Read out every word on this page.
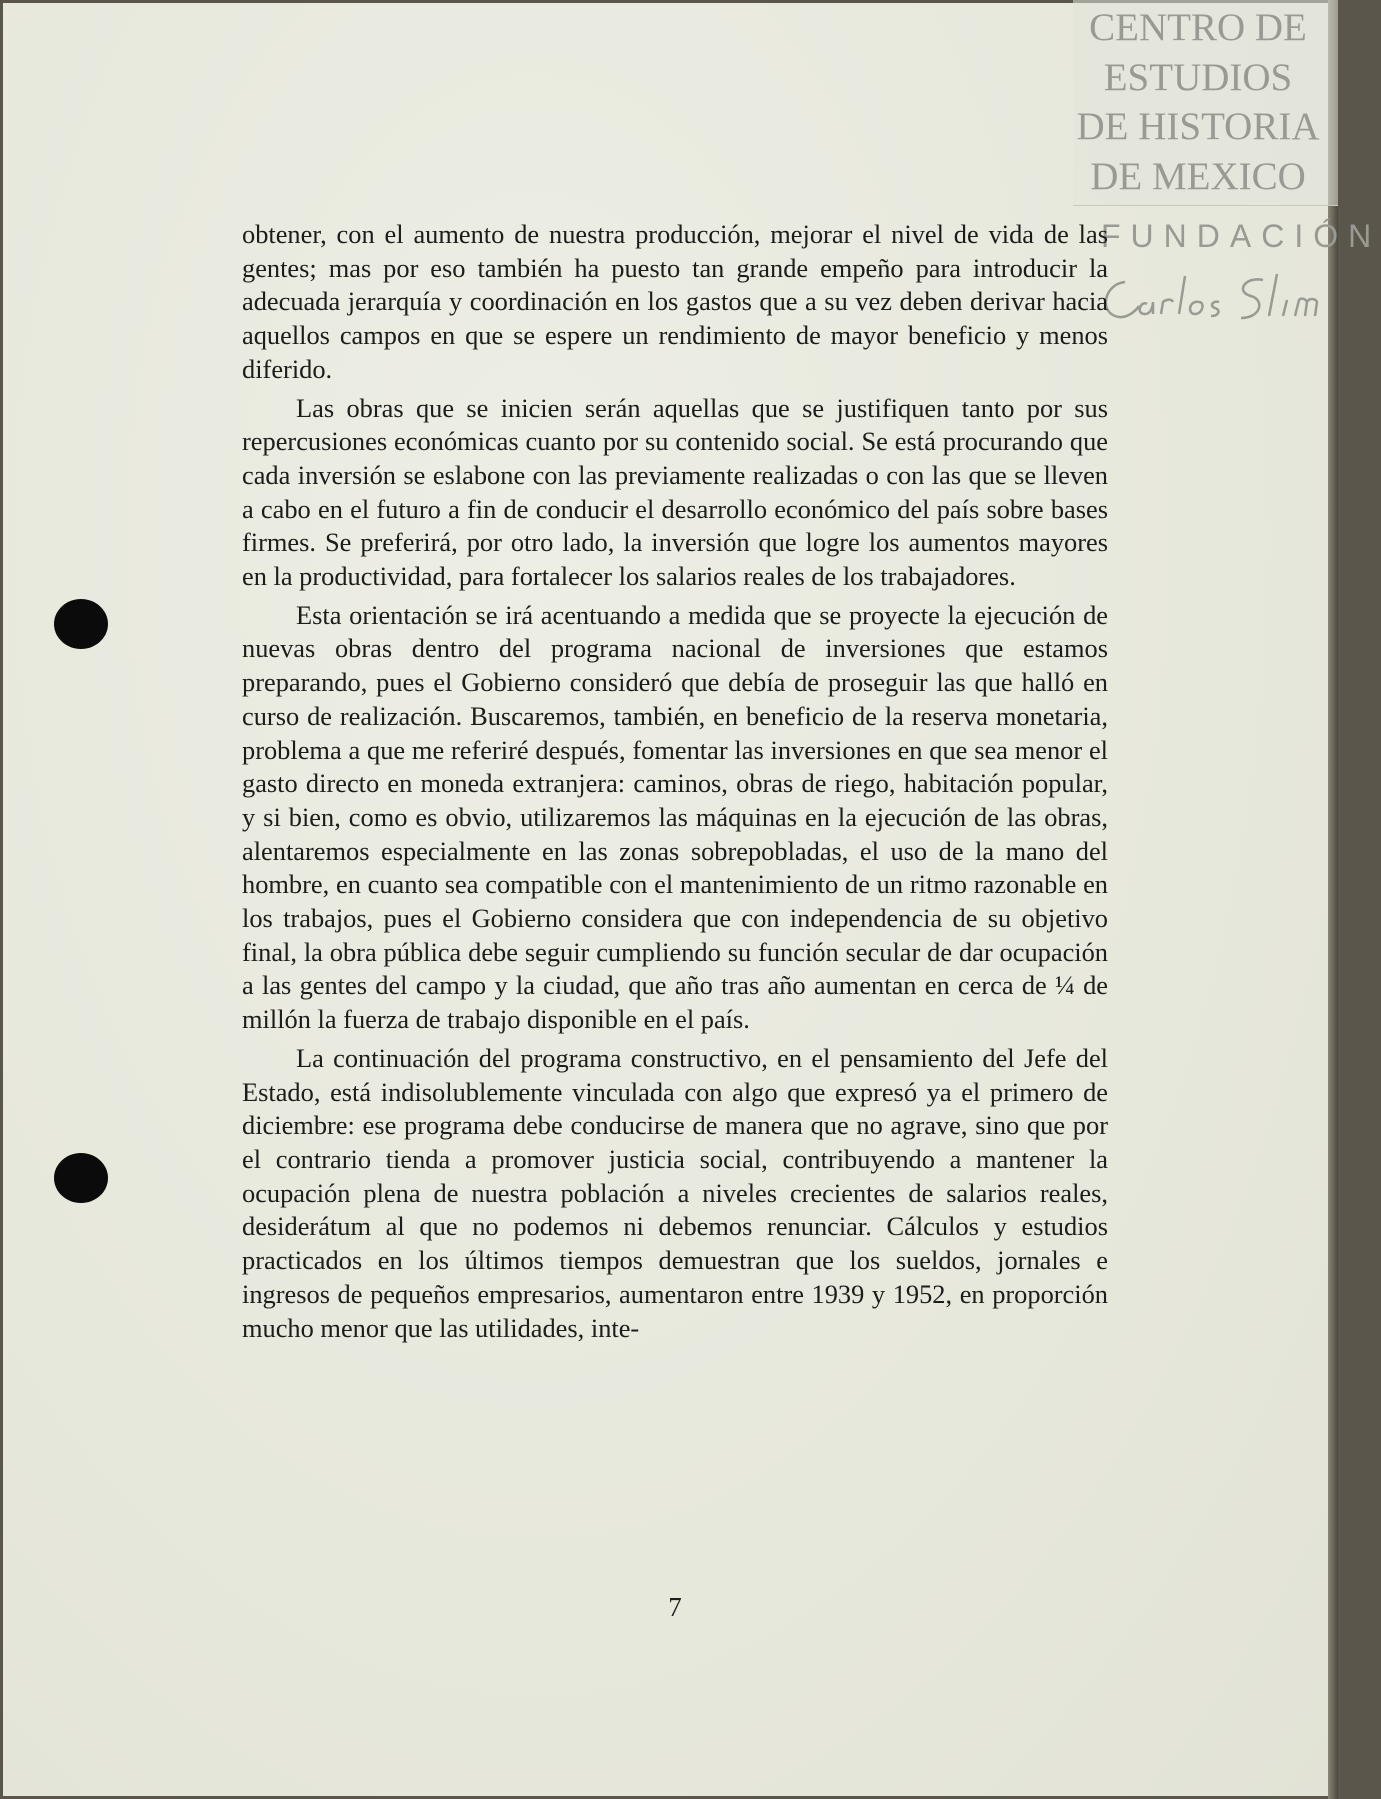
CENTRO DE
ESTUDIOS
DE HISTORIA
DE MEXICO
FUNDACIÓN

obtener, con el aumento de nuestra producción, mejorar el nivel de vida de las gentes; mas por eso también ha puesto tan grande empeño para introducir la adecuada jerarquía y coordinación en los gastos que a su vez deben derivar hacia aquellos campos en que se espere un rendimiento de mayor beneficio y menos diferido.

Las obras que se inicien serán aquellas que se justifiquen tanto por sus repercusiones económicas cuanto por su contenido social. Se está procurando que cada inversión se eslabone con las previamente realizadas o con las que se lleven a cabo en el futuro a fin de conducir el desarrollo económico del país sobre bases firmes. Se preferirá, por otro lado, la inversión que logre los aumentos mayores en la productividad, para fortalecer los salarios reales de los trabajadores.

Esta orientación se irá acentuando a medida que se proyecte la ejecución de nuevas obras dentro del programa nacional de inversiones que estamos preparando, pues el Gobierno consideró que debía de proseguir las que halló en curso de realización. Buscaremos, también, en beneficio de la reserva monetaria, problema a que me referiré después, fomentar las inversiones en que sea menor el gasto directo en moneda extranjera: caminos, obras de riego, habitación popular, y si bien, como es obvio, utilizaremos las máquinas en la ejecución de las obras, alentaremos especialmente en las zonas sobrepobladas, el uso de la mano del hombre, en cuanto sea compatible con el mantenimiento de un ritmo razonable en los trabajos, pues el Gobierno considera que con independencia de su objetivo final, la obra pública debe seguir cumpliendo su función secular de dar ocupación a las gentes del campo y la ciudad, que año tras año aumentan en cerca de ¼ de millón la fuerza de trabajo disponible en el país.

La continuación del programa constructivo, en el pensamiento del Jefe del Estado, está indisolublemente vinculada con algo que expresó ya el primero de diciembre: ese programa debe conducirse de manera que no agrave, sino que por el contrario tienda a promover justicia social, contribuyendo a mantener la ocupación plena de nuestra población a niveles crecientes de salarios reales, desiderátum al que no podemos ni debemos renunciar. Cálculos y estudios practicados en los últimos tiempos demuestran que los sueldos, jornales e ingresos de pequeños empresarios, aumentaron entre 1939 y 1952, en proporción mucho menor que las utilidades, inte-

7
